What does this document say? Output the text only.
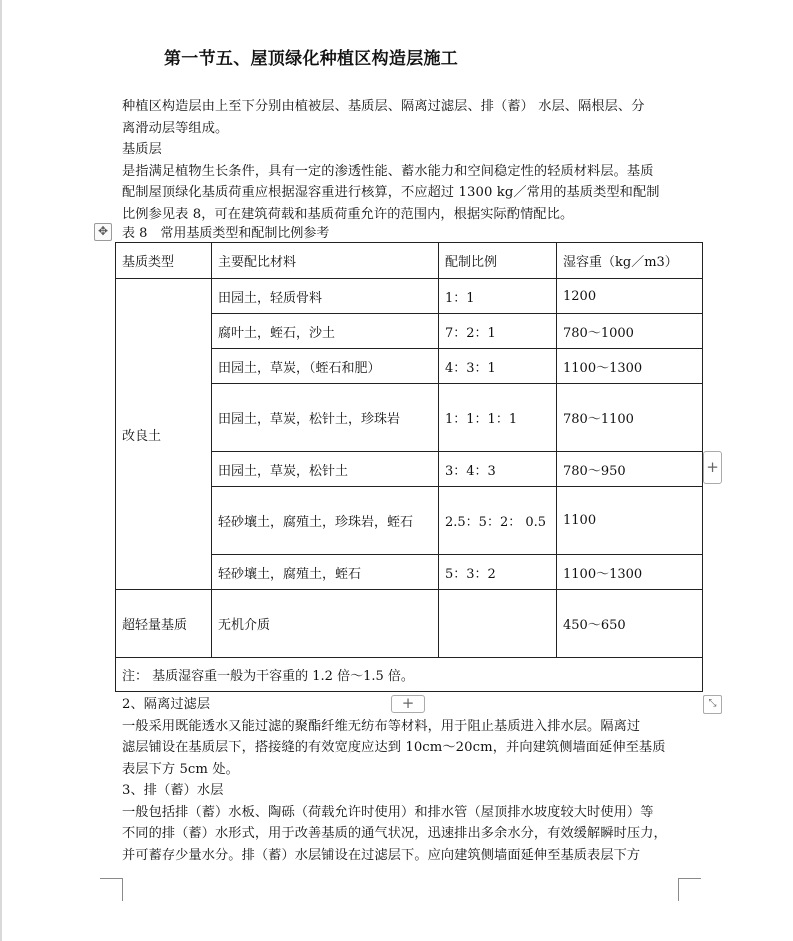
第一节五、屋顶绿化种植区构造层施工
种植区构造层由上至下分别由植被层、基质层、隔离过滤层、排（蓄） 水层、隔根层、分
离滑动层等组成。
基质层
是指满足植物生长条件，具有一定的渗透性能、蓄水能力和空间稳定性的轻质材料层。基质
配制屋顶绿化基质荷重应根据湿容重进行核算，不应超过 1300 kg／常用的基质类型和配制
比例参见表 8，可在建筑荷载和基质荷重允许的范围内，根据实际酌情配比。
✥	表 8　常用基质类型和配制比例参考
基质类型	主要配比材料	配制比例	湿容重（kg／m3）
改良土	田园土，轻质骨料	1：1	1200
	腐叶土，蛭石，沙土	7：2：1	780～1000
	田园土，草炭，（蛭石和肥）	4：3：1	1100～1300
	田园土，草炭，松针土，珍珠岩	1：1：1：1	780～1100
	田园土，草炭，松针土	3：4：3	780～950
	轻砂壤土，腐殖土，珍珠岩，蛭石	2.5：5：2： 0.5	1100
	轻砂壤土，腐殖土，蛭石	5：3：2	1100～1300
超轻量基质	无机介质		450～650
注： 基质湿容重一般为干容重的 1.2 倍～1.5 倍。			
+
+	⤡
2、隔离过滤层
一般采用既能透水又能过滤的聚酯纤维无纺布等材料，用于阻止基质进入排水层。隔离过
滤层铺设在基质层下，搭接缝的有效宽度应达到 10cm～20cm，并向建筑侧墙面延伸至基质
表层下方 5cm 处。
3、排（蓄）水层
一般包括排（蓄）水板、陶砾（荷载允许时使用）和排水管（屋顶排水坡度较大时使用）等
不同的排（蓄）水形式，用于改善基质的通气状况，迅速排出多余水分，有效缓解瞬时压力，
并可蓄存少量水分。排（蓄）水层铺设在过滤层下。应向建筑侧墙面延伸至基质表层下方
